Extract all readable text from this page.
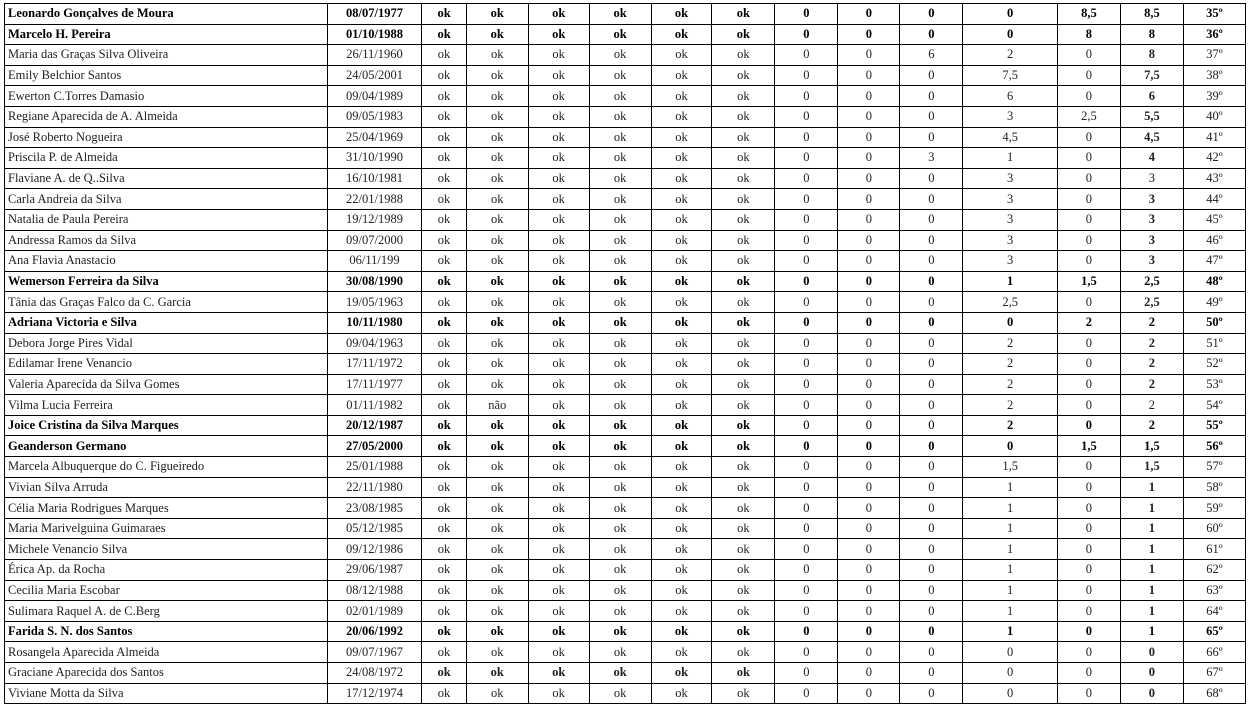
Leonardo Gonçalves de Moura	08/07/1977	ok	ok	ok	ok	ok	ok	0	0	0	0	8,5	8,5	35º
Marcelo H. Pereira	01/10/1988	ok	ok	ok	ok	ok	ok	0	0	0	0	8	8	36º
Maria das Graças Silva Oliveira	26/11/1960	ok	ok	ok	ok	ok	ok	0	0	6	2	0	8	37º
Emily Belchior Santos	24/05/2001	ok	ok	ok	ok	ok	ok	0	0	0	7,5	0	7,5	38º
Ewerton C.Torres Damasio	09/04/1989	ok	ok	ok	ok	ok	ok	0	0	0	6	0	6	39º
Regiane Aparecida de A. Almeida	09/05/1983	ok	ok	ok	ok	ok	ok	0	0	0	3	2,5	5,5	40º
José Roberto Nogueira	25/04/1969	ok	ok	ok	ok	ok	ok	0	0	0	4,5	0	4,5	41º
Priscila P. de Almeida	31/10/1990	ok	ok	ok	ok	ok	ok	0	0	3	1	0	4	42º
Flaviane A. de Q..Silva	16/10/1981	ok	ok	ok	ok	ok	ok	0	0	0	3	0	3	43º
Carla Andreia da Silva	22/01/1988	ok	ok	ok	ok	ok	ok	0	0	0	3	0	3	44º
Natalia de Paula Pereira	19/12/1989	ok	ok	ok	ok	ok	ok	0	0	0	3	0	3	45º
Andressa Ramos da Silva	09/07/2000	ok	ok	ok	ok	ok	ok	0	0	0	3	0	3	46º
Ana Flavia Anastacio	06/11/199	ok	ok	ok	ok	ok	ok	0	0	0	3	0	3	47º
Wemerson Ferreira da Silva	30/08/1990	ok	ok	ok	ok	ok	ok	0	0	0	1	1,5	2,5	48º
Tânia das Graças Falco da C. Garcia	19/05/1963	ok	ok	ok	ok	ok	ok	0	0	0	2,5	0	2,5	49º
Adriana Victoria e Silva	10/11/1980	ok	ok	ok	ok	ok	ok	0	0	0	0	2	2	50º
Debora Jorge Pires Vidal	09/04/1963	ok	ok	ok	ok	ok	ok	0	0	0	2	0	2	51º
Edilamar Irene Venancio	17/11/1972	ok	ok	ok	ok	ok	ok	0	0	0	2	0	2	52º
Valeria Aparecida da Silva Gomes	17/11/1977	ok	ok	ok	ok	ok	ok	0	0	0	2	0	2	53º
Vilma Lucia Ferreira	01/11/1982	ok	não	ok	ok	ok	ok	0	0	0	2	0	2	54º
Joice Cristina da Silva Marques	20/12/1987	ok	ok	ok	ok	ok	ok	0	0	0	2	0	2	55º
Geanderson Germano	27/05/2000	ok	ok	ok	ok	ok	ok	0	0	0	0	1,5	1,5	56º
Marcela Albuquerque do C. Figueiredo	25/01/1988	ok	ok	ok	ok	ok	ok	0	0	0	1,5	0	1,5	57º
Vivian Silva Arruda	22/11/1980	ok	ok	ok	ok	ok	ok	0	0	0	1	0	1	58º
Célia Maria Rodrigues Marques	23/08/1985	ok	ok	ok	ok	ok	ok	0	0	0	1	0	1	59º
Maria Marivelguina Guimaraes	05/12/1985	ok	ok	ok	ok	ok	ok	0	0	0	1	0	1	60º
Michele Venancio Silva	09/12/1986	ok	ok	ok	ok	ok	ok	0	0	0	1	0	1	61º
Érica Ap. da Rocha	29/06/1987	ok	ok	ok	ok	ok	ok	0	0	0	1	0	1	62º
Cecilia Maria Escobar	08/12/1988	ok	ok	ok	ok	ok	ok	0	0	0	1	0	1	63º
Sulimara Raquel A. de C.Berg	02/01/1989	ok	ok	ok	ok	ok	ok	0	0	0	1	0	1	64º
Farida S. N. dos Santos	20/06/1992	ok	ok	ok	ok	ok	ok	0	0	0	1	0	1	65º
Rosangela Aparecida Almeida	09/07/1967	ok	ok	ok	ok	ok	ok	0	0	0	0	0	0	66º
Graciane Aparecida dos Santos	24/08/1972	ok	ok	ok	ok	ok	ok	0	0	0	0	0	0	67º
Viviane Motta da Silva	17/12/1974	ok	ok	ok	ok	ok	ok	0	0	0	0	0	0	68º
